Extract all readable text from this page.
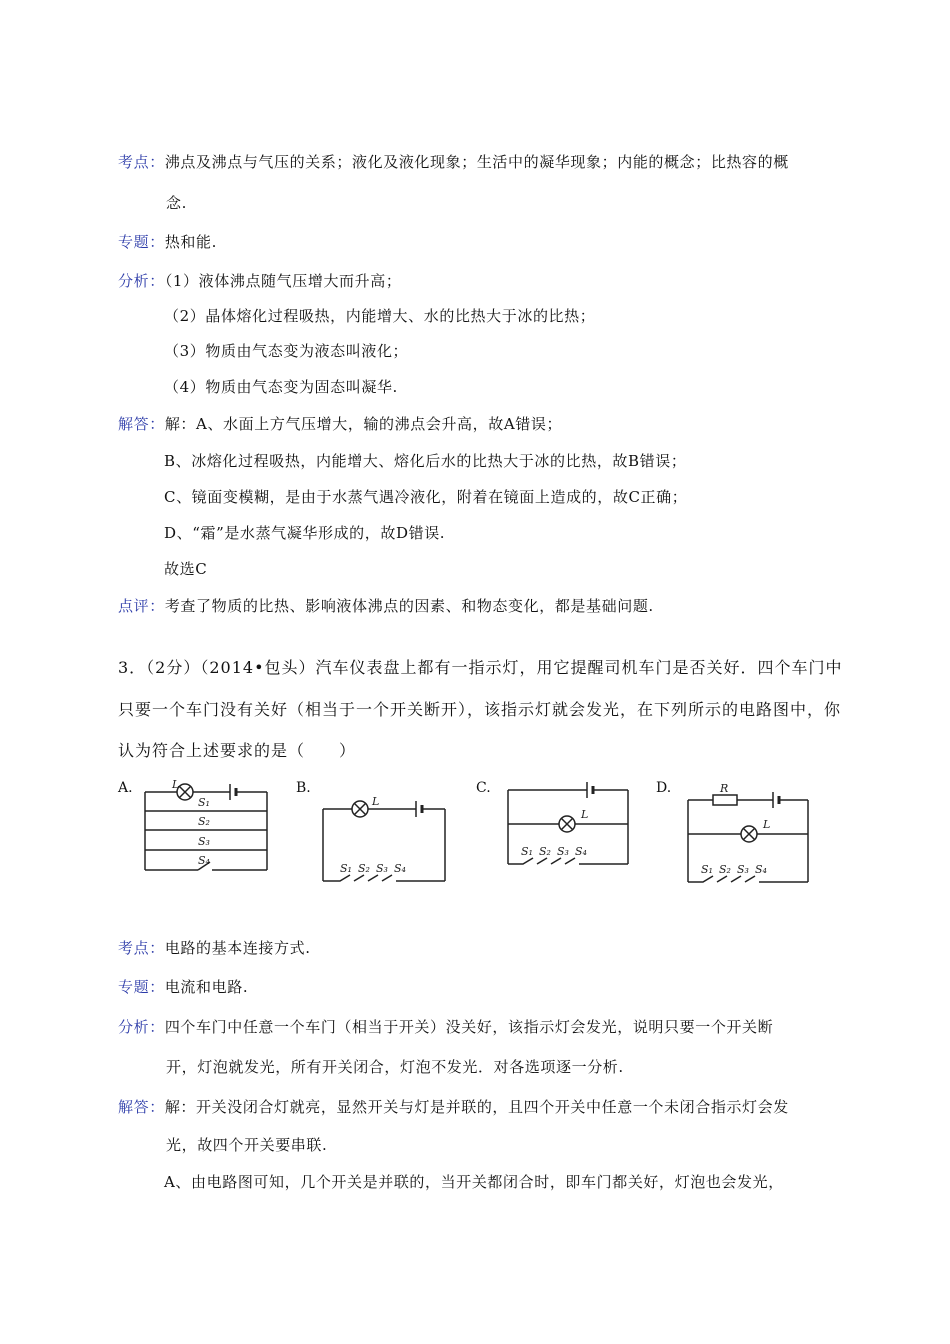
考点：沸点及沸点与气压的关系；液化及液化现象；生活中的凝华现象；内能的概念；比热容的概
念.
专题：热和能.
分析：（1）液体沸点随气压增大而升高；
（2）晶体熔化过程吸热，内能增大、水的比热大于冰的比热；
（3）物质由气态变为液态叫液化；
（4）物质由气态变为固态叫凝华.
解答：解：A、水面上方气压增大，输的沸点会升高，故A错误；
B、冰熔化过程吸热，内能增大、熔化后水的比热大于冰的比热，故B错误；
C、镜面变模糊，是由于水蒸气遇冷液化，附着在镜面上造成的，故C正确；
D、“霜”是水蒸气凝华形成的，故D错误.
故选C
点评：考查了物质的比热、影响液体沸点的因素、和物态变化，都是基础问题.
3．（2分）（2014•包头）汽车仪表盘上都有一指示灯，用它提醒司机车门是否关好．四个车门中
只要一个车门没有关好（相当于一个开关断开），该指示灯就会发光，在下列所示的电路图中，你
认为符合上述要求的是（　　）
A.	B.	C.	D.
L
S₁
S₂
S₃
S₄
L
S₁ S₂ S₃ S₄
L
S₁ S₂ S₃ S₄
R
L
S₁ S₂ S₃ S₄
考点：电路的基本连接方式.
专题：电流和电路.
分析：四个车门中任意一个车门（相当于开关）没关好，该指示灯会发光，说明只要一个开关断
开，灯泡就发光，所有开关闭合，灯泡不发光．对各选项逐一分析.
解答：解：开关没闭合灯就亮，显然开关与灯是并联的，且四个开关中任意一个未闭合指示灯会发
光，故四个开关要串联.
A、由电路图可知，几个开关是并联的，当开关都闭合时，即车门都关好，灯泡也会发光，
